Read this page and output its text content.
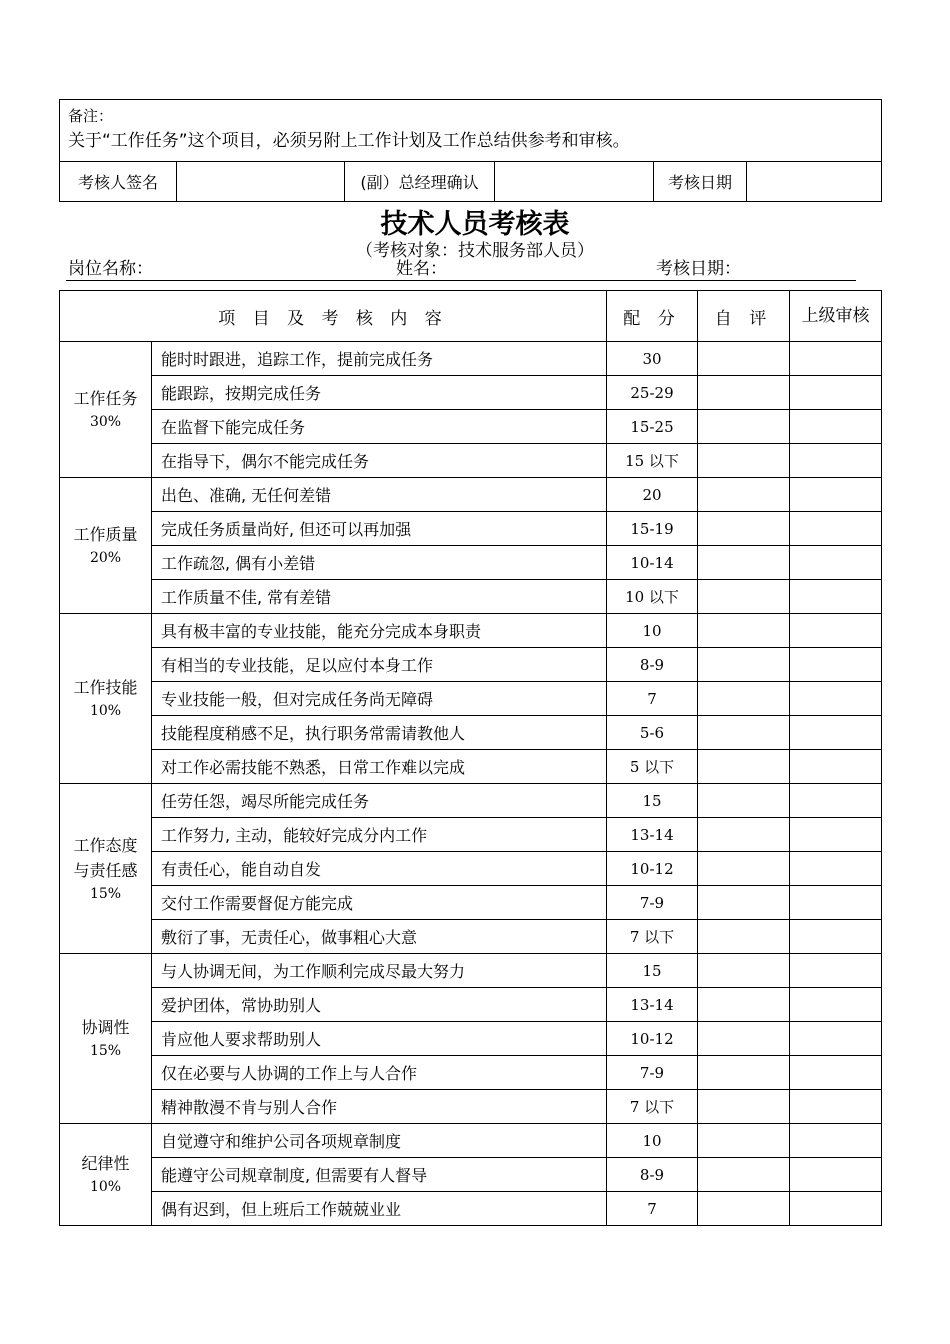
备注：
关于“工作任务”这个项目，必须另附上工作计划及工作总结供参考和审核。

考核人签名		(副）总经理确认		考核日期	
技术人员考核表
（考核对象：技术服务部人员）
岗位名称：	姓名：	考核日期：
项 目 及 考 核 内 容		配 分	自 评	上级审核

工作任务
30%	能时时跟进，追踪工作，提前完成任务	30		
	能跟踪，按期完成任务	25-29		
	在监督下能完成任务	15-25		
	在指导下，偶尔不能完成任务	15 以下		

工作质量
20%	出色、准确, 无任何差错	20		
	完成任务质量尚好, 但还可以再加强	15-19		
	工作疏忽, 偶有小差错	10-14		
	工作质量不佳, 常有差错	10 以下		

工作技能
10%	具有极丰富的专业技能，能充分完成本身职责	10		
	有相当的专业技能，足以应付本身工作	8-9		
	专业技能一般，但对完成任务尚无障碍	7		
	技能程度稍感不足，执行职务常需请教他人	5-6		
	对工作必需技能不熟悉，日常工作难以完成	5 以下		

工作态度
与责任感
15%	任劳任怨，竭尽所能完成任务	15		
	工作努力, 主动，能较好完成分内工作	13-14		
	有责任心，能自动自发	10-12		
	交付工作需要督促方能完成	7-9		
	敷衍了事，无责任心，做事粗心大意	7 以下		

协调性
15%	与人协调无间，为工作顺利完成尽最大努力	15		
	爱护团体，常协助别人	13-14		
	肯应他人要求帮助别人	10-12		
	仅在必要与人协调的工作上与人合作	7-9		
	精神散漫不肯与别人合作	7 以下		

纪律性
10%	自觉遵守和维护公司各项规章制度	10		
	能遵守公司规章制度, 但需要有人督导	8-9		
	偶有迟到，但上班后工作兢兢业业	7		
